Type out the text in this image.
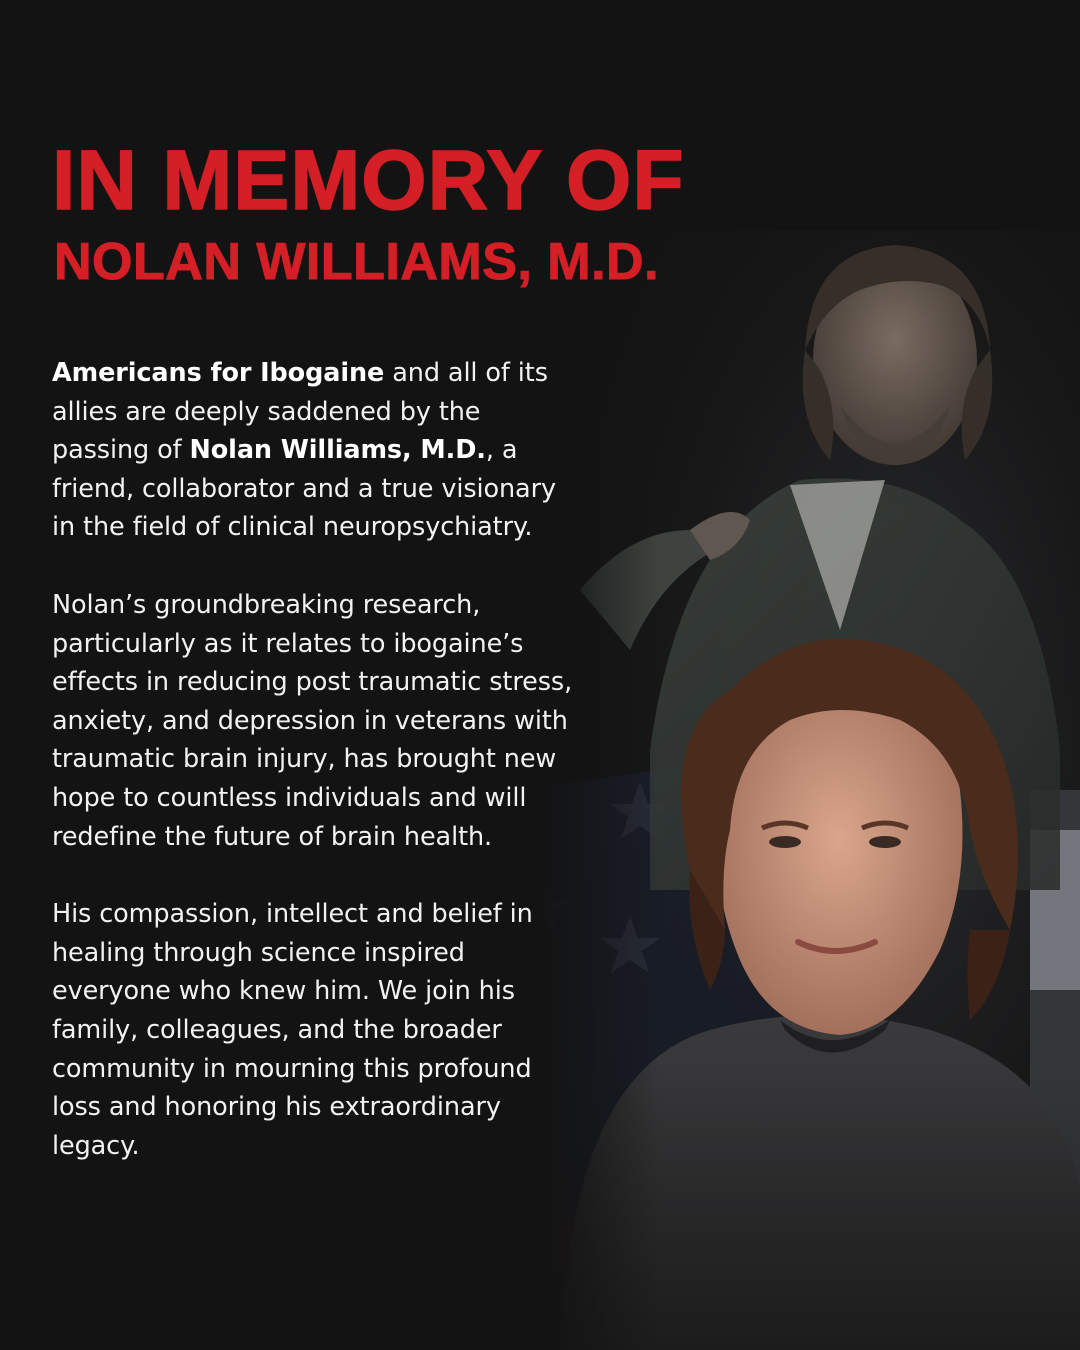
IN MEMORY OF
NOLAN WILLIAMS, M.D.

Americans for Ibogaine and all of its allies are deeply saddened by the passing of Nolan Williams, M.D., a friend, collaborator and a true visionary in the field of clinical neuropsychiatry.

Nolan’s groundbreaking research, particularly as it relates to ibogaine’s effects in reducing post traumatic stress, anxiety, and depression in veterans with traumatic brain injury, has brought new hope to countless individuals and will redefine the future of brain health.

His compassion, intellect and belief in healing through science inspired everyone who knew him. We join his family, colleagues, and the broader community in mourning this profound loss and honoring his extraordinary legacy.
